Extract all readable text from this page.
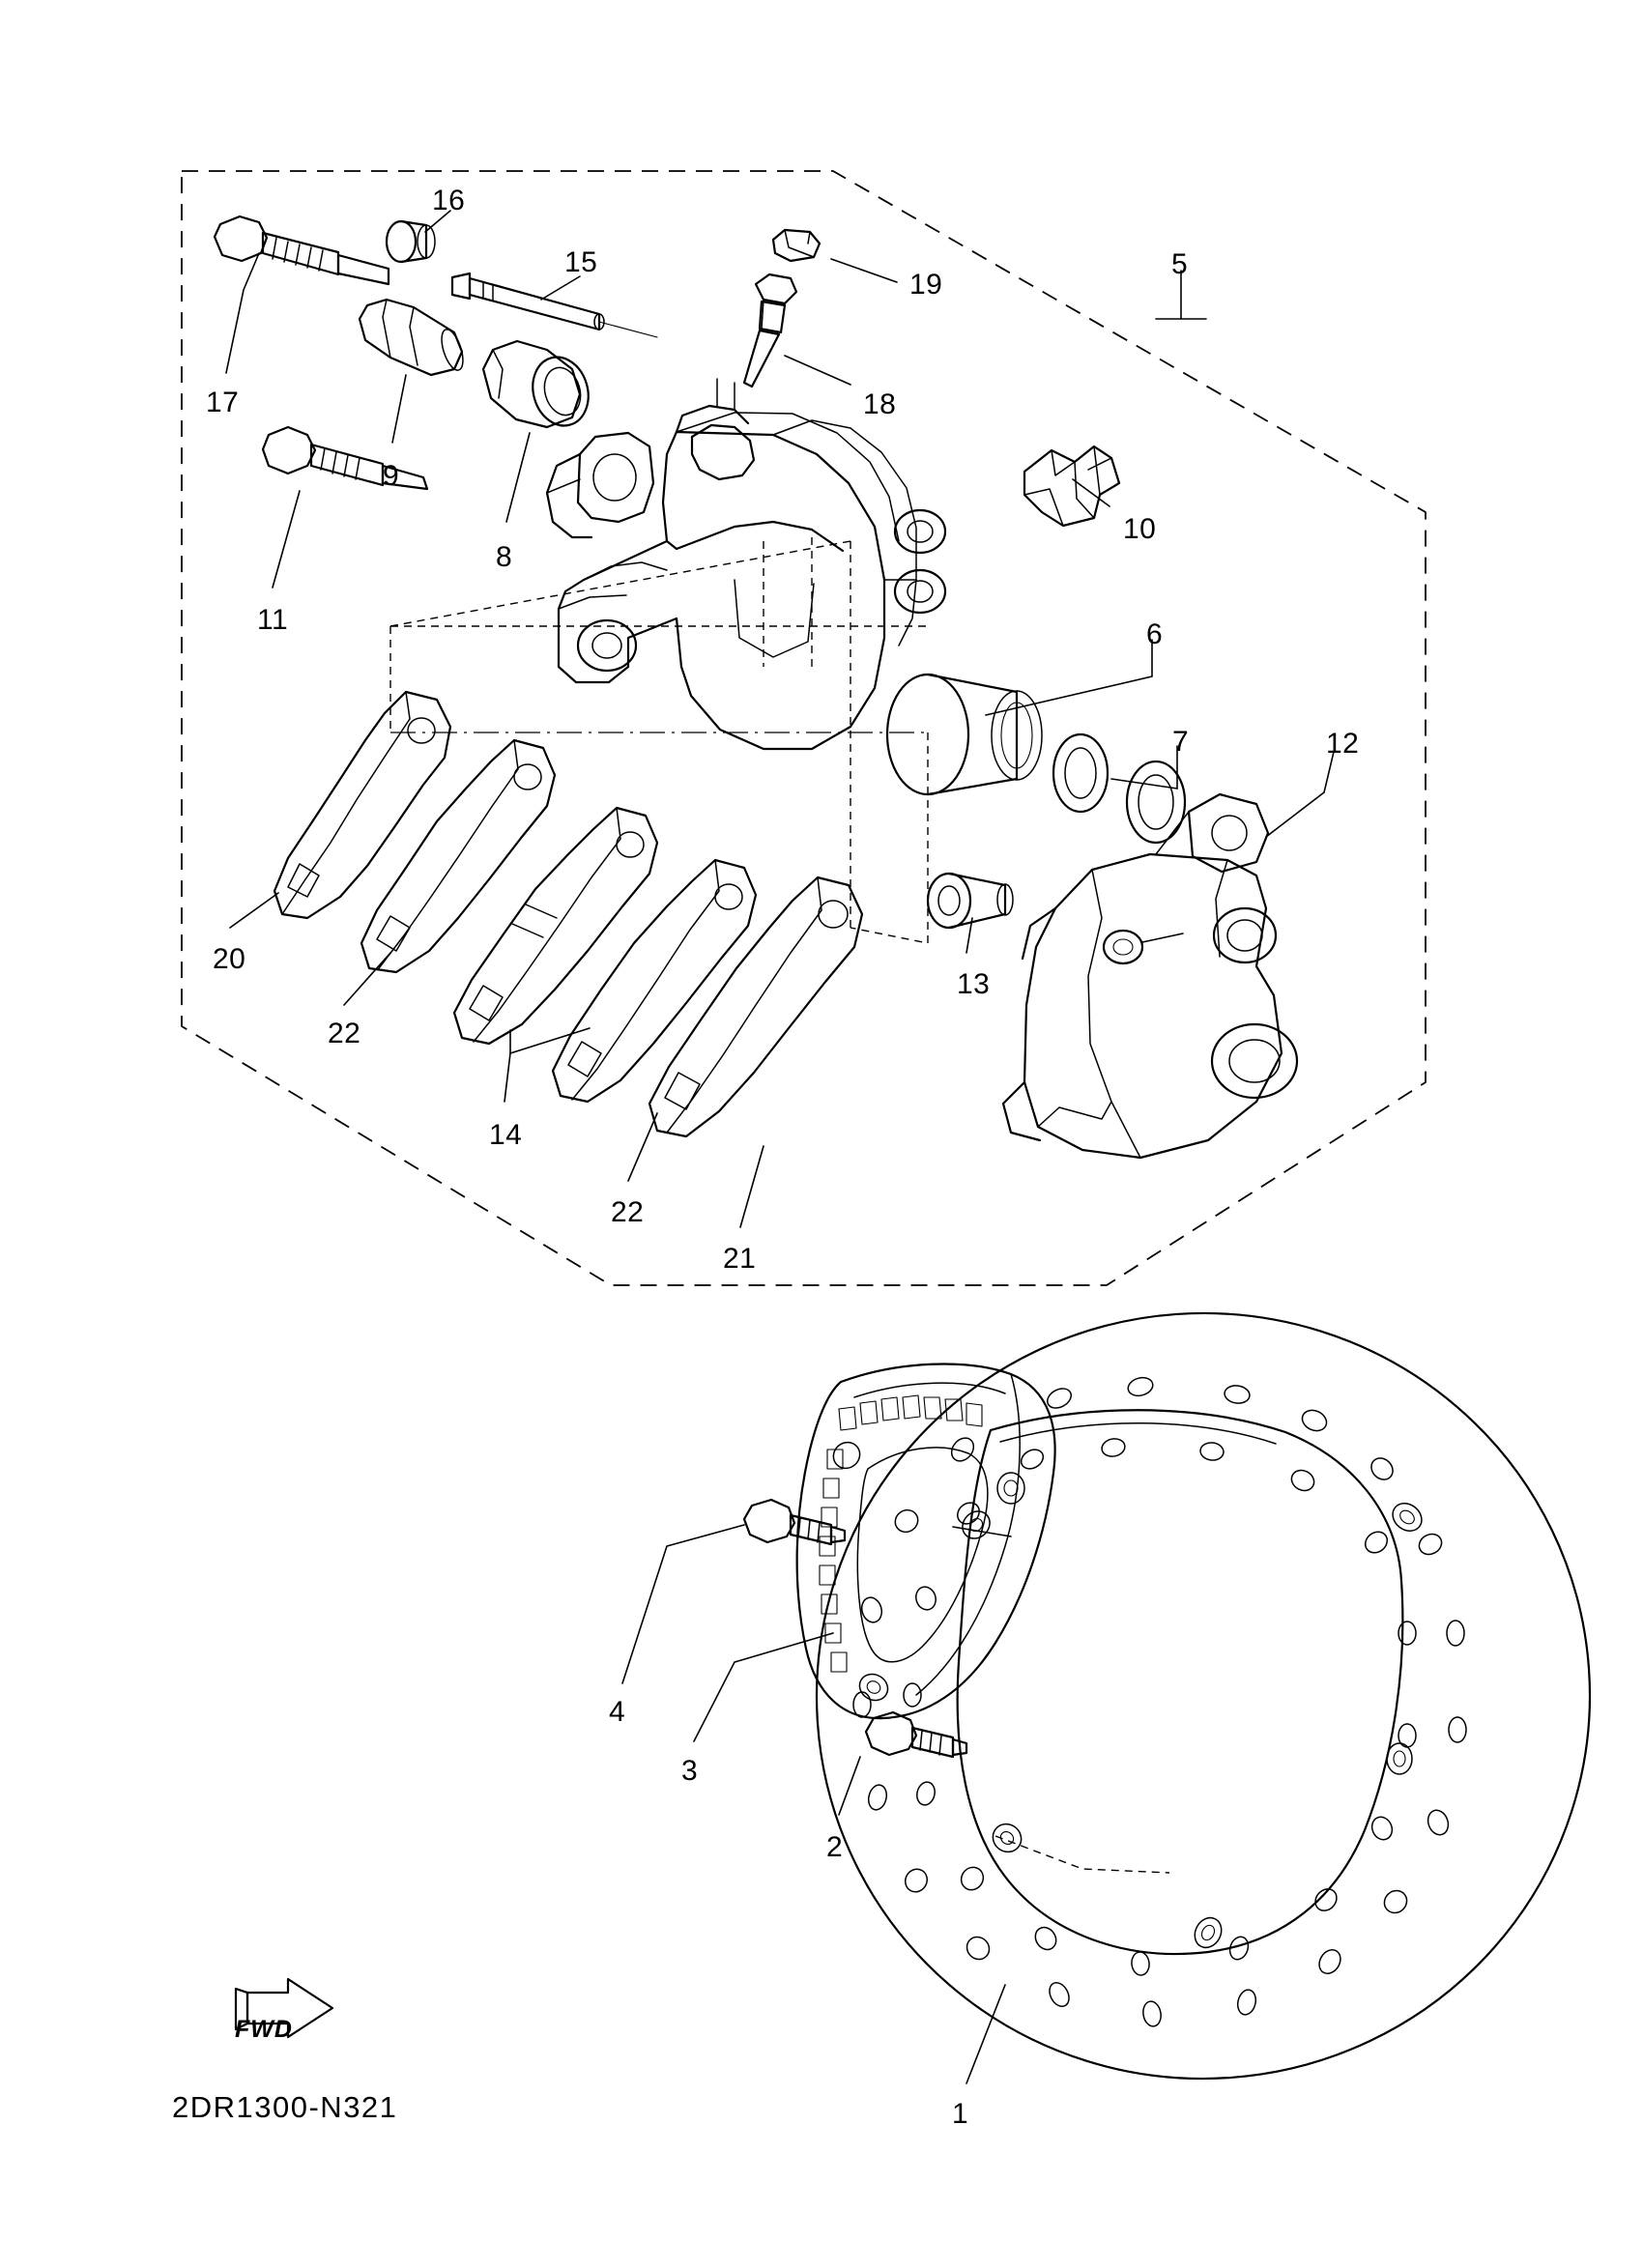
16
15
19
5
17	18
9
10
8
11	6
7	12
20
13
22
14
22
21
4
3
2
1
FWD
2DR1300-N321
